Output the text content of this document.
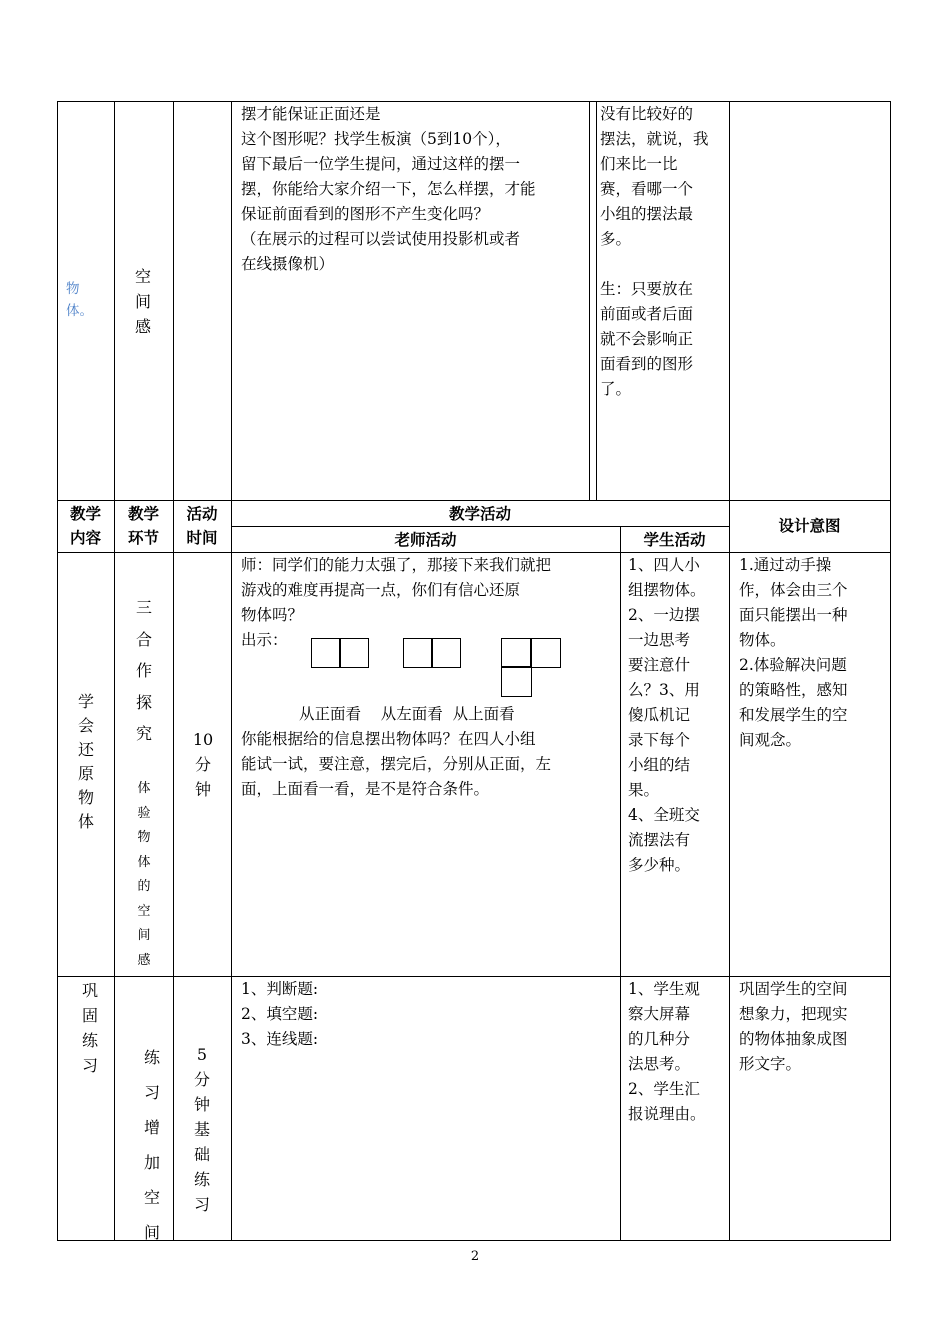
物
体。
空
间
感
摆才能保证正面还是
这个图形呢？找学生板演（5到10个），
留下最后一位学生提问，通过这样的摆一
摆，你能给大家介绍一下，怎么样摆，才能
保证前面看到的图形不产生变化吗？
（在展示的过程可以尝试使用投影机或者
在线摄像机）
没有比较好的
摆法，就说，我
们来比一比
赛，看哪一个
小组的摆法最
多。
生：只要放在
前面或者后面
就不会影响正
面看到的图形
了。
教学
内容
教学
环节
活动
时间
教学活动
老师活动	学生活动
设计意图
学
会
还
原
物
体
三
合
作
探
究
体
验
物
体
的
空
间
感
10
分
钟
师：同学们的能力太强了，那接下来我们就把
游戏的难度再提高一点，你们有信心还原
物体吗？
出示：
从正面看    从左面看  从上面看
你能根据给的信息摆出物体吗？在四人小组
能试一试，要注意，摆完后，分别从正面，左
面，上面看一看，是不是符合条件。
1、四人小
组摆物体。
2、一边摆
一边思考
要注意什
么？3、用
傻瓜机记
录下每个
小组的结
果。
4、全班交
流摆法有
多少种。
1.通过动手操
作，体会由三个
面只能摆出一种
物体。
2.体验解决问题
的策略性，感知
和发展学生的空
间观念。
巩
固
练
习	练
习
增
加
空
间
5
分
钟
基
础
练
习
1、判断题:
2、填空题:
3、连线题:
1、学生观
察大屏幕
的几种分
法思考。
2、学生汇
报说理由。
巩固学生的空间
想象力，把现实
的物体抽象成图
形文字。
2
